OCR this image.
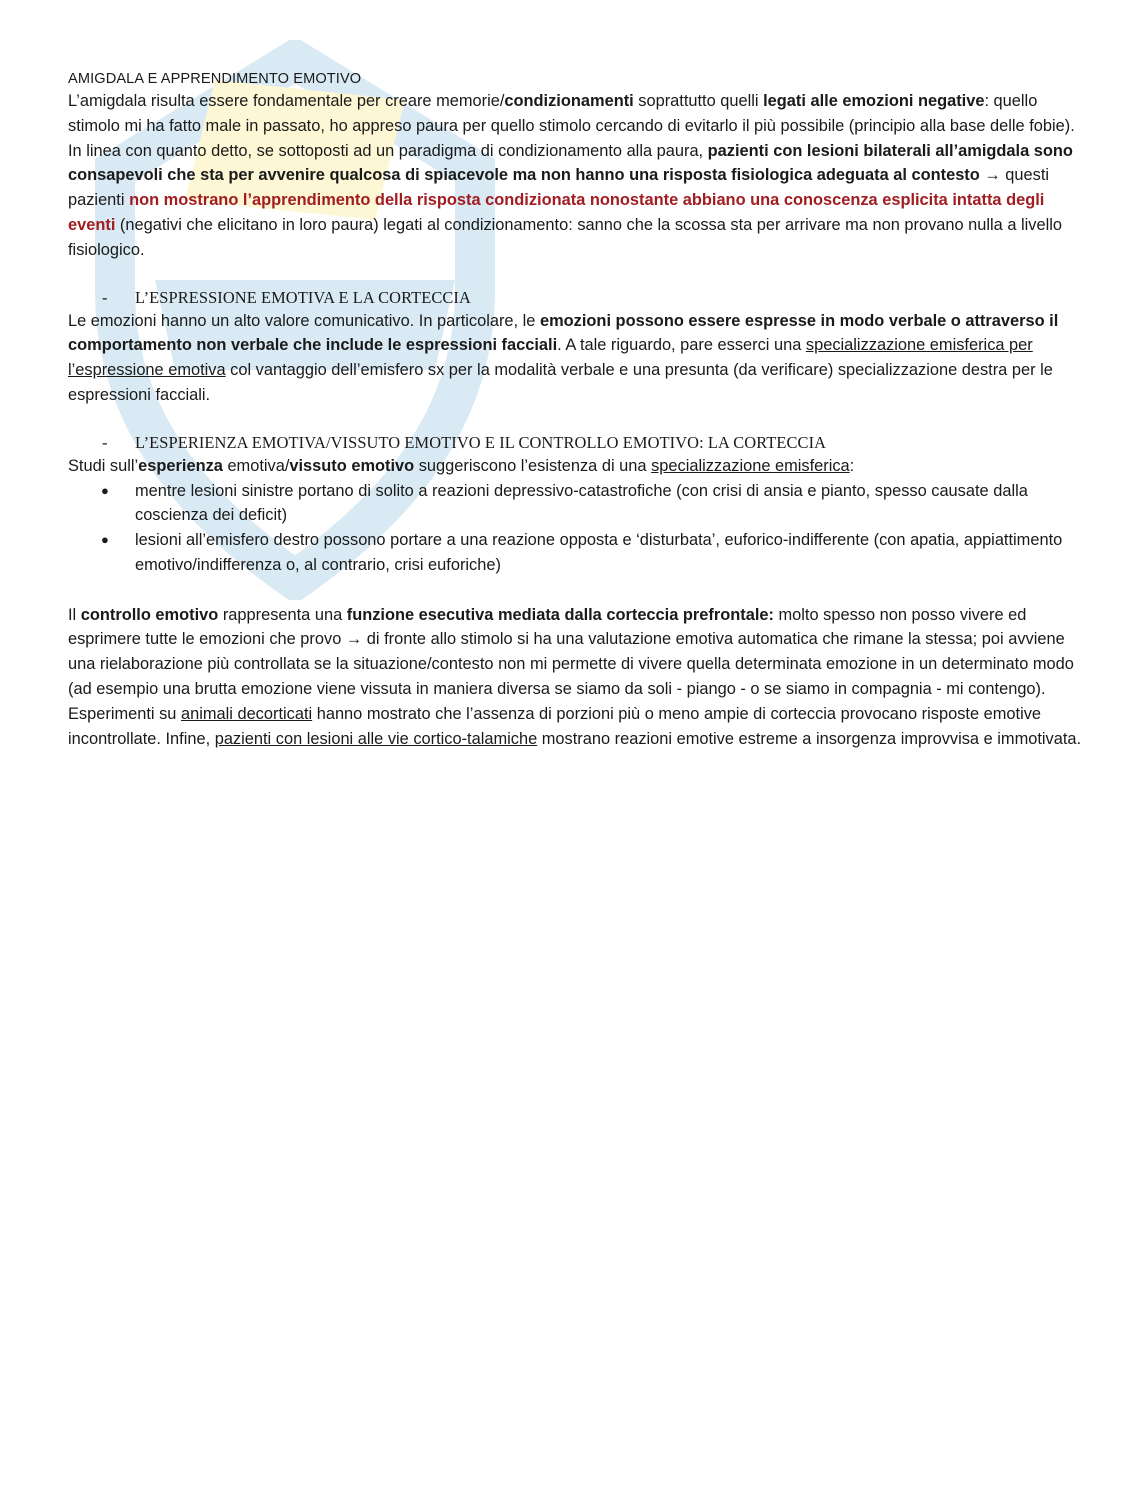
AMIGDALA E APPRENDIMENTO EMOTIVO

L’amigdala risulta essere fondamentale per creare memorie/condizionamenti soprattutto quelli legati alle emozioni negative: quello stimolo mi ha fatto male in passato, ho appreso paura per quello stimolo cercando di evitarlo il più possibile (principio alla base delle fobie).

In linea con quanto detto, se sottoposti ad un paradigma di condizionamento alla paura, pazienti con lesioni bilaterali all’amigdala sono consapevoli che sta per avvenire qualcosa di spiacevole ma non hanno una risposta fisiologica adeguata al contesto → questi pazienti non mostrano l’apprendimento della risposta condizionata nonostante abbiano una conoscenza esplicita intatta degli eventi (negativi che elicitano in loro paura) legati al condizionamento: sanno che la scossa sta per arrivare ma non provano nulla a livello fisiologico.

- L’ESPRESSIONE EMOTIVA E LA CORTECCIA

Le emozioni hanno un alto valore comunicativo. In particolare, le emozioni possono essere espresse in modo verbale o attraverso il comportamento non verbale che include le espressioni facciali. A tale riguardo, pare esserci una specializzazione emisferica per l’espressione emotiva col vantaggio dell’emisfero sx per la modalità verbale e una presunta (da verificare) specializzazione destra per le espressioni facciali.

- L’ESPERIENZA EMOTIVA/VISSUTO EMOTIVO E IL CONTROLLO EMOTIVO: LA CORTECCIA

Studi sull’esperienza emotiva/vissuto emotivo suggeriscono l’esistenza di una specializzazione emisferica:

● mentre lesioni sinistre portano di solito a reazioni depressivo-catastrofiche (con crisi di ansia e pianto, spesso causate dalla coscienza dei deficit)
● lesioni all’emisfero destro possono portare a una reazione opposta e ‘disturbata’, euforico-indifferente (con apatia, appiattimento emotivo/indifferenza o, al contrario, crisi euforiche)

Il controllo emotivo rappresenta una funzione esecutiva mediata dalla corteccia prefrontale: molto spesso non posso vivere ed esprimere tutte le emozioni che provo → di fronte allo stimolo si ha una valutazione emotiva automatica che rimane la stessa; poi avviene una rielaborazione più controllata se la situazione/contesto non mi permette di vivere quella determinata emozione in un determinato modo (ad esempio una brutta emozione viene vissuta in maniera diversa se siamo da soli - piango - o se siamo in compagnia - mi contengo).

Esperimenti su animali decorticati hanno mostrato che l’assenza di porzioni più o meno ampie di corteccia provocano risposte emotive incontrollate. Infine, pazienti con lesioni alle vie cortico-talamiche mostrano reazioni emotive estreme a insorgenza improvvisa e immotivata.
